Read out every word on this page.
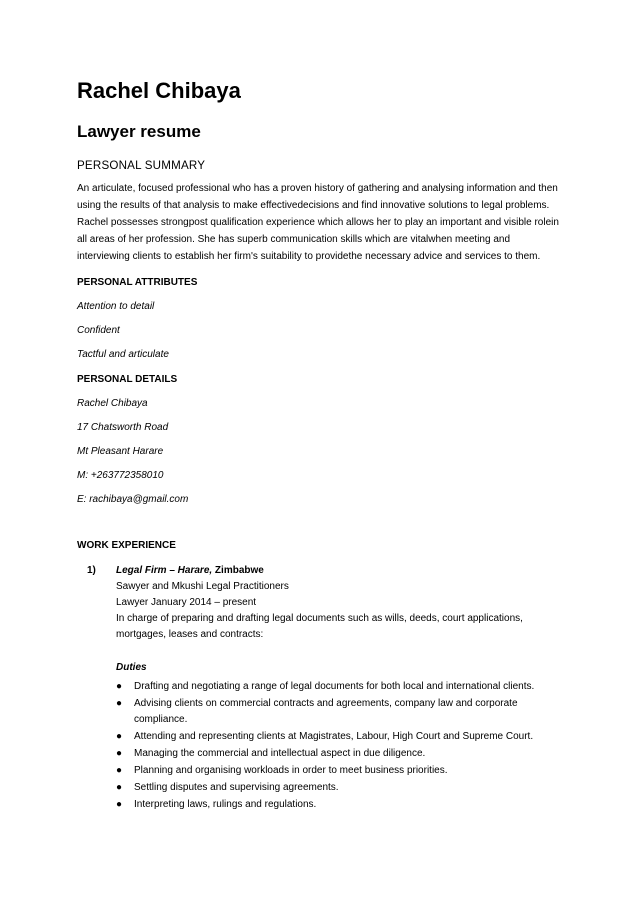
Rachel Chibaya
Lawyer resume
PERSONAL SUMMARY

An articulate, focused professional who has a proven history of gathering and analysing information and then using the results of that analysis to make effectivedecisions and find innovative solutions to legal problems. Rachel possesses strongpost qualification experience which allows her to play an important and visible rolein all areas of her profession. She has superb communication skills which are vitalwhen meeting and interviewing clients to establish her firm's suitability to providethe necessary advice and services to them.

PERSONAL ATTRIBUTES
Attention to detail
Confident
Tactful and articulate
PERSONAL DETAILS
Rachel Chibaya
17 Chatsworth Road
Mt Pleasant Harare
M: +263772358010
E: rachibaya@gmail.com
WORK EXPERIENCE
1) Legal Firm – Harare, Zimbabwe
Sawyer and Mkushi Legal Practitioners
Lawyer January 2014 – present
In charge of preparing and drafting legal documents such as wills, deeds, court applications, mortgages, leases and contracts:
Duties
● Drafting and negotiating a range of legal documents for both local and international clients.
● Advising clients on commercial contracts and agreements, company law and corporate compliance.
● Attending and representing clients at Magistrates, Labour, High Court and Supreme Court.
● Managing the commercial and intellectual aspect in due diligence.
● Planning and organising workloads in order to meet business priorities.
● Settling disputes and supervising agreements.
● Interpreting laws, rulings and regulations.
